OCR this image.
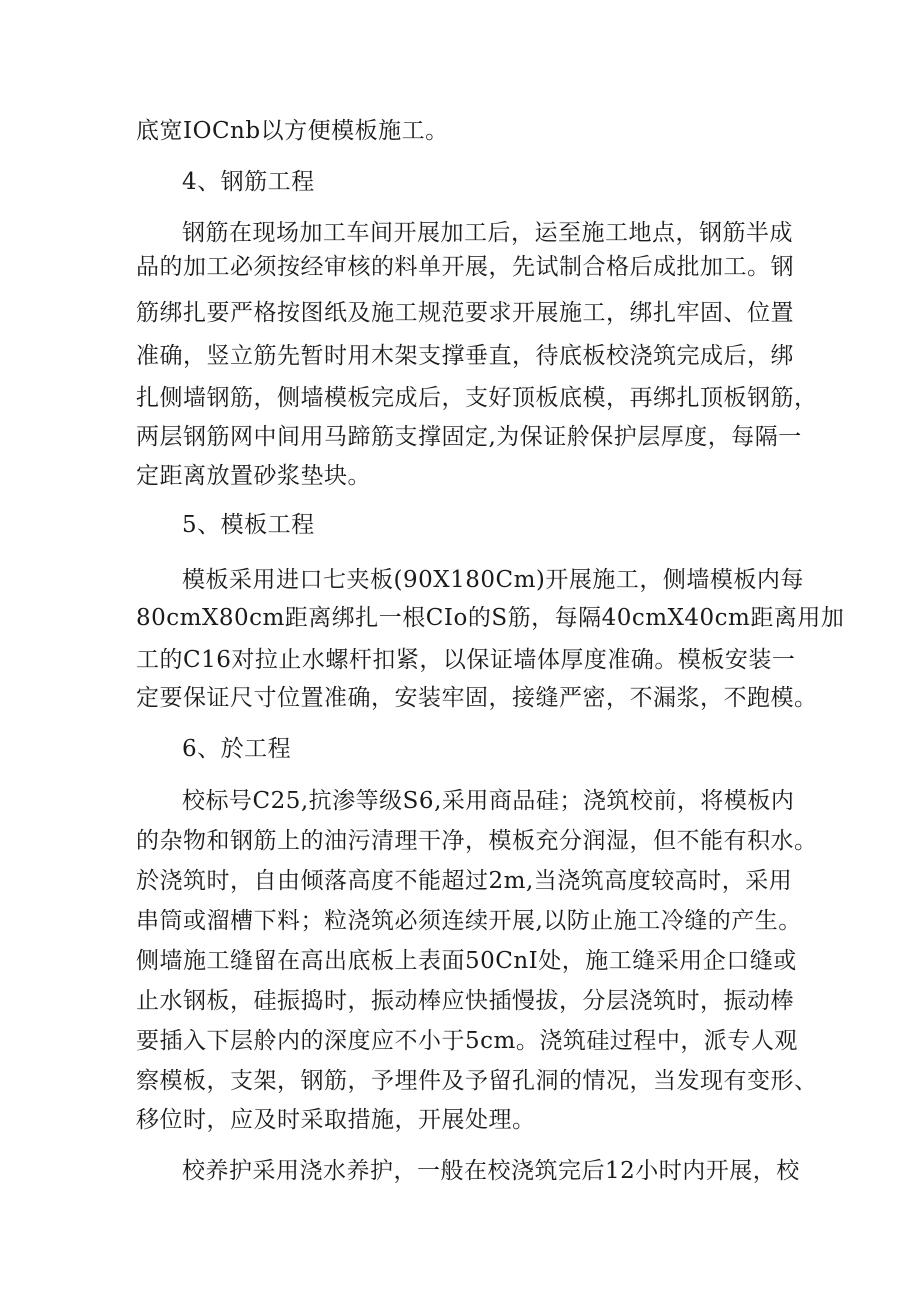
底宽IOCnb以方便模板施工。
4、钢筋工程
钢筋在现场加工车间开展加工后，运至施工地点，钢筋半成
品的加工必须按经审核的料单开展，先试制合格后成批加工。钢
筋绑扎要严格按图纸及施工规范要求开展施工，绑扎牢固、位置
准确，竖立筋先暂时用木架支撑垂直，待底板校浇筑完成后，绑
扎侧墙钢筋，侧墙模板完成后，支好顶板底模，再绑扎顶板钢筋，
两层钢筋网中间用马蹄筋支撑固定,为保证舲保护层厚度，每隔一
定距离放置砂浆垫块。
5、模板工程
模板采用进口七夹板(90X180Cm)开展施工，侧墙模板内每
80cmX80cm距离绑扎一根CIo的S筋，每隔40cmX40cm距离用加
工的C16对拉止水螺杆扣紧，以保证墙体厚度准确。模板安装一
定要保证尺寸位置准确，安装牢固，接缝严密，不漏浆，不跑模。
6、於工程
校标号C25,抗渗等级S6,采用商品硅；浇筑校前，将模板内
的杂物和钢筋上的油污清理干净，模板充分润湿，但不能有积水。
於浇筑时，自由倾落高度不能超过2m,当浇筑高度较高时，采用
串筒或溜槽下料；粒浇筑必须连续开展,以防止施工冷缝的产生。
侧墙施工缝留在高出底板上表面50CnI处，施工缝采用企口缝或
止水钢板，硅振捣时，振动棒应快插慢拔，分层浇筑时，振动棒
要插入下层舲内的深度应不小于5cm。浇筑硅过程中，派专人观
察模板，支架，钢筋，予埋件及予留孔洞的情况，当发现有变形、
移位时，应及时采取措施，开展处理。
校养护采用浇水养护，一般在校浇筑完后12小时内开展，校
